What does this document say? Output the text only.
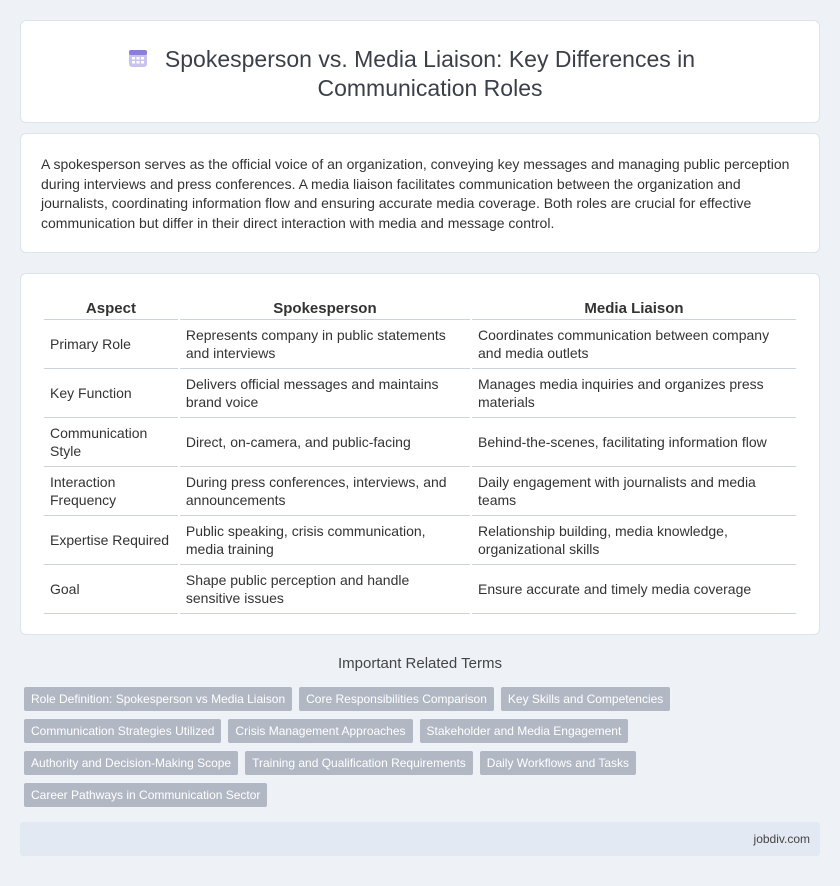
Spokesperson vs. Media Liaison: Key Differences in Communication Roles

A spokesperson serves as the official voice of an organization, conveying key messages and managing public perception during interviews and press conferences. A media liaison facilitates communication between the organization and journalists, coordinating information flow and ensuring accurate media coverage. Both roles are crucial for effective communication but differ in their direct interaction with media and message control.

Aspect	Spokesperson	Media Liaison
Primary Role	Represents company in public statements and interviews	Coordinates communication between company and media outlets
Key Function	Delivers official messages and maintains brand voice	Manages media inquiries and organizes press materials
Communication Style	Direct, on-camera, and public-facing	Behind-the-scenes, facilitating information flow
Interaction Frequency	During press conferences, interviews, and announcements	Daily engagement with journalists and media teams
Expertise Required	Public speaking, crisis communication, media training	Relationship building, media knowledge, organizational skills
Goal	Shape public perception and handle sensitive issues	Ensure accurate and timely media coverage
Important Related Terms
Role Definition: Spokesperson vs Media Liaison	Core Responsibilities Comparison	Key Skills and Competencies
Communication Strategies Utilized	Crisis Management Approaches	Stakeholder and Media Engagement
Authority and Decision-Making Scope	Training and Qualification Requirements	Daily Workflows and Tasks
Career Pathways in Communication Sector
jobdiv.com
